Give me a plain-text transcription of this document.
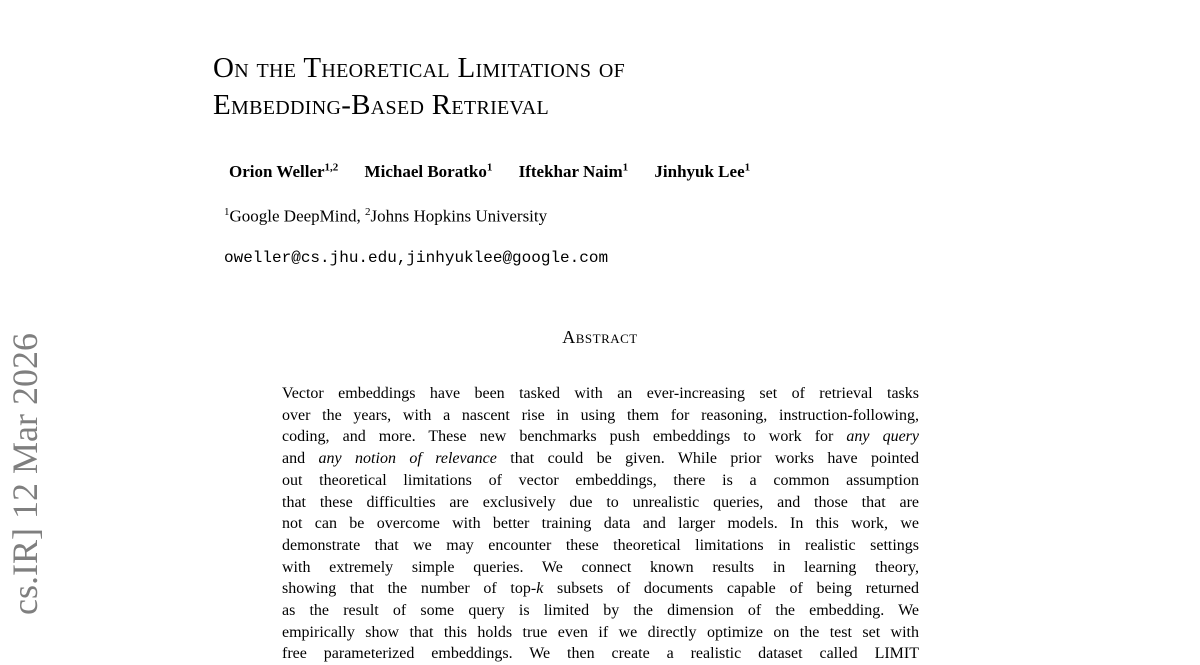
cs.IR] 12 Mar 2026
On the Theoretical Limitations of
Embedding-Based Retrieval
Orion Weller$^{1,2}$ Michael Boratko$^1$ Iftekhar Naim$^1$ Jinhyuk Lee$^1$
$^1$Google DeepMind, $^2$Johns Hopkins University
oweller@cs.jhu.edu,jinhyuklee@google.com
Abstract

Vector embeddings have been tasked with an ever-increasing set of retrieval tasks
over the years, with a nascent rise in using them for reasoning, instruction-following,
coding, and more. These new benchmarks push embeddings to work for any query
and any notion of relevance that could be given. While prior works have pointed
out theoretical limitations of vector embeddings, there is a common assumption
that these difficulties are exclusively due to unrealistic queries, and those that are
not can be overcome with better training data and larger models. In this work, we
demonstrate that we may encounter these theoretical limitations in realistic settings
with extremely simple queries. We connect known results in learning theory,
showing that the number of top-k subsets of documents capable of being returned
as the result of some query is limited by the dimension of the embedding. We
empirically show that this holds true even if we directly optimize on the test set with
free parameterized embeddings. We then create a realistic dataset called LIMIT
